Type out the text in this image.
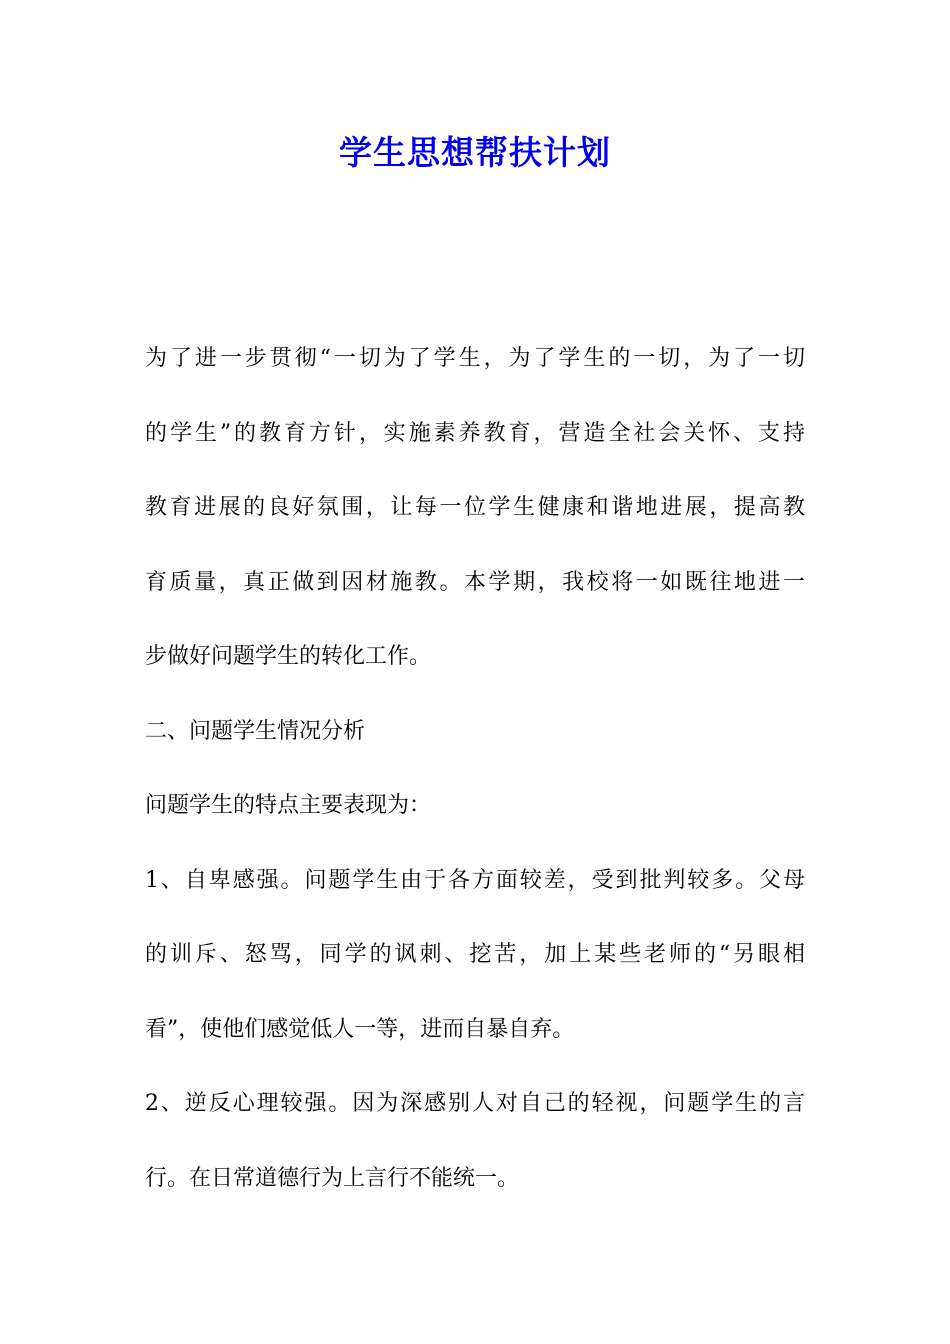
学生思想帮扶计划

为了进一步贯彻“一切为了学生，为了学生的一切，为了一切

的学生”的教育方针，实施素养教育，营造全社会关怀、支持

教育进展的良好氛围，让每一位学生健康和谐地进展，提高教

育质量，真正做到因材施教。本学期，我校将一如既往地进一

步做好问题学生的转化工作。

二、问题学生情况分析

问题学生的特点主要表现为：

1、自卑感强。问题学生由于各方面较差，受到批判较多。父母

的训斥、怒骂，同学的讽刺、挖苦，加上某些老师的“另眼相

看”，使他们感觉低人一等，进而自暴自弃。

2、逆反心理较强。因为深感别人对自己的轻视，问题学生的言

行。在日常道德行为上言行不能统一。
